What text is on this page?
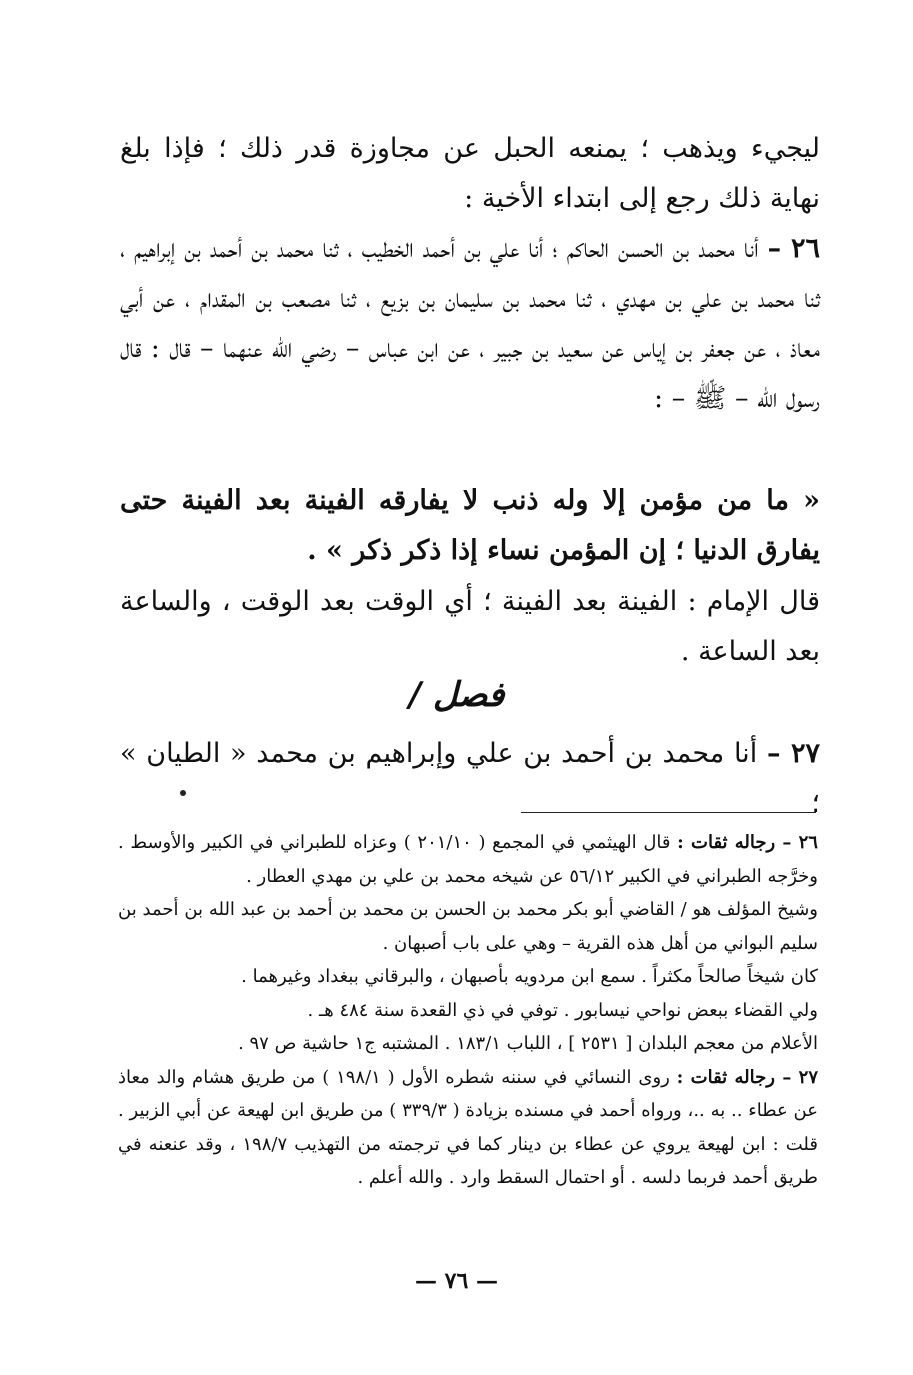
ليجيء ويذهب ؛ يمنعه الحبل عن مجاوزة قدر ذلك ؛ فإذا بلغ نهاية ذلك رجع إلى ابتداء الأخية :

٢٦ – أنا محمد بن الحسن الحاكم ؛ أنا علي بن أحمد الخطيب ، ثنا محمد بن أحمد بن إبراهيم ، ثنا محمد بن علي بن مهدي ، ثنا محمد بن سليمان بن بزيع ، ثنا مصعب بن المقدام ، عن أبي معاذ ، عن جعفر بن إياس عن سعيد بن جبير ، عن ابن عباس – رضي الله عنهما – قال : قال رسول الله – ﷺ – :

« ما من مؤمن إلا وله ذنب لا يفارقه الفينة بعد الفينة حتى يفارق الدنيا ؛ إن المؤمن نساء إذا ذكر ذكر » .

قال الإمام : الفينة بعد الفينة ؛ أي الوقت بعد الوقت ، والساعة بعد الساعة .

فصل /

٢٧ – أنا محمد بن أحمد بن علي وإبراهيم بن محمد « الطيان » ؛

٢٦ – رجاله ثقات : قال الهيثمي في المجمع ( ٢٠١/١٠ ) وعزاه للطبراني في الكبير والأوسط . وخرَّجه الطبراني في الكبير ٥٦/١٢ عن شيخه محمد بن علي بن مهدي العطار .

وشيخ المؤلف هو / القاضي أبو بكر محمد بن الحسن بن محمد بن أحمد بن عبد الله بن أحمد بن سليم البواني من أهل هذه القرية – وهي على باب أصبهان .

كان شيخاً صالحاً مكثراً . سمع ابن مردويه بأصبهان ، والبرقاني ببغداد وغيرهما .

ولي القضاء ببعض نواحي نيسابور . توفي في ذي القعدة سنة ٤٨٤ هـ .

الأعلام من معجم البلدان [ ٢٥٣١ ] ، اللباب ١٨٣/١ . المشتبه ج١ حاشية ص ٩٧ .

٢٧ – رجاله ثقات : روى النسائي في سننه شطره الأول ( ١٩٨/١ ) من طريق هشام والد معاذ عن عطاء .. به ..، ورواه أحمد في مسنده بزيادة ( ٣٣٩/٣ ) من طريق ابن لهيعة عن أبي الزبير . قلت : ابن لهيعة يروي عن عطاء بن دينار كما في ترجمته من التهذيب ١٩٨/٧ ، وقد عنعنه في طريق أحمد فربما دلسه . أو احتمال السقط وارد . والله أعلم .

— ٧٦ —
